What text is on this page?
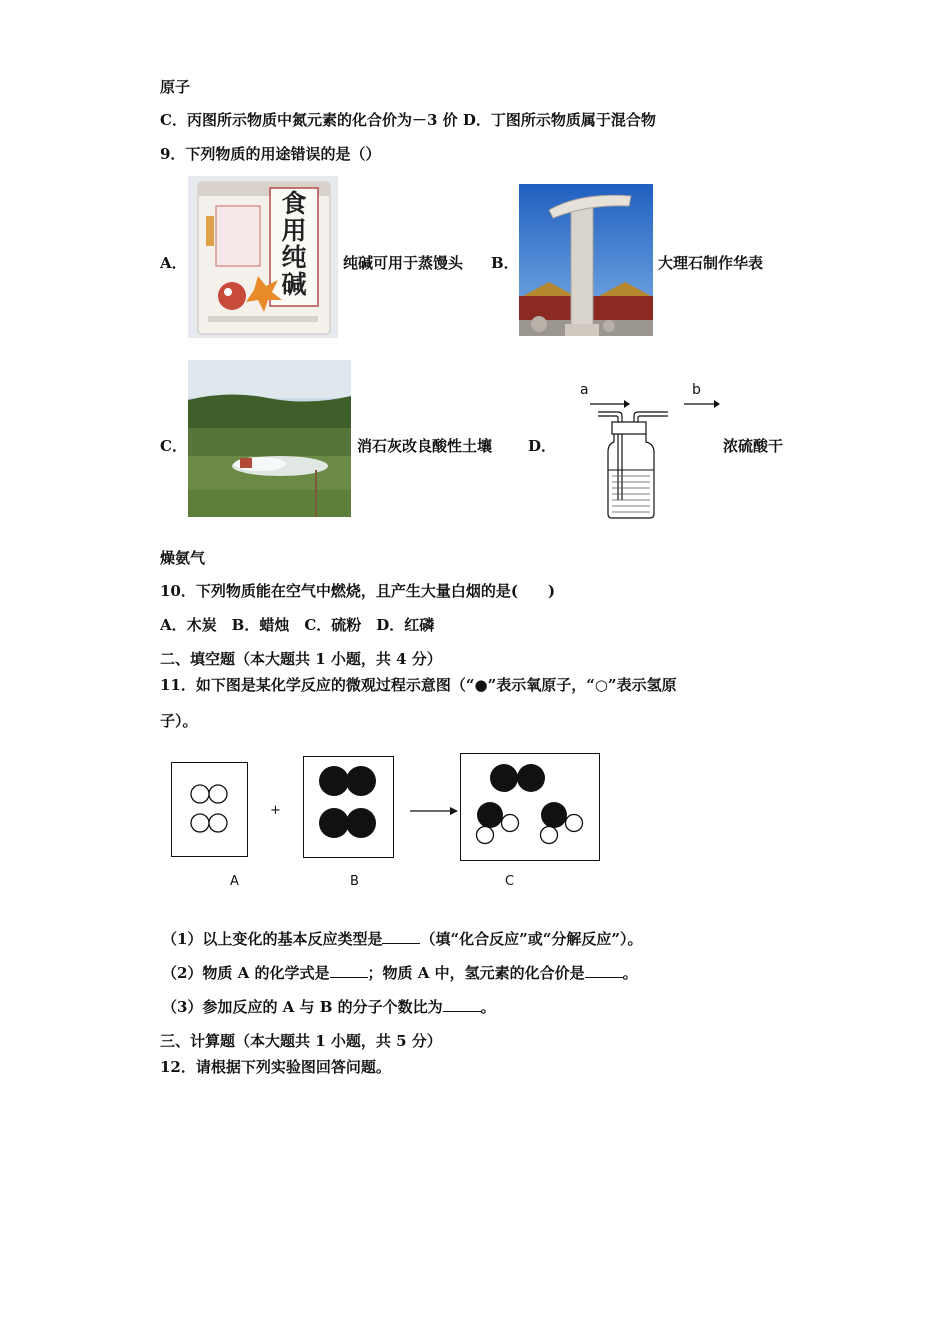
原子
C．丙图所示物质中氮元素的化合价为－3 价 D．丁图所示物质属于混合物
9．下列物质的用途错误的是（）
A．
食用纯碱
纯碱可用于蒸馒头 B．	大理石制作华表
C．	消石灰改良酸性土壤 D．
a	b
浓硫酸干
燥氨气
10．下列物质能在空气中燃烧，且产生大量白烟的是(　　)
A．木炭　B．蜡烛　C．硫粉　D．红磷
二、填空题（本大题共 1 小题，共 4 分）
11．如下图是某化学反应的微观过程示意图（“●”表示氧原子，“○”表示氢原
子）。
+
A	B	C
（1）以上变化的基本反应类型是	（填“化合反应”或“分解反应”）。
（2）物质 A 的化学式是	；物质 A 中，氢元素的化合价是	。
（3）参加反应的 A 与 B 的分子个数比为	。
三、计算题（本大题共 1 小题，共 5 分）
12．请根据下列实验图回答问题。
